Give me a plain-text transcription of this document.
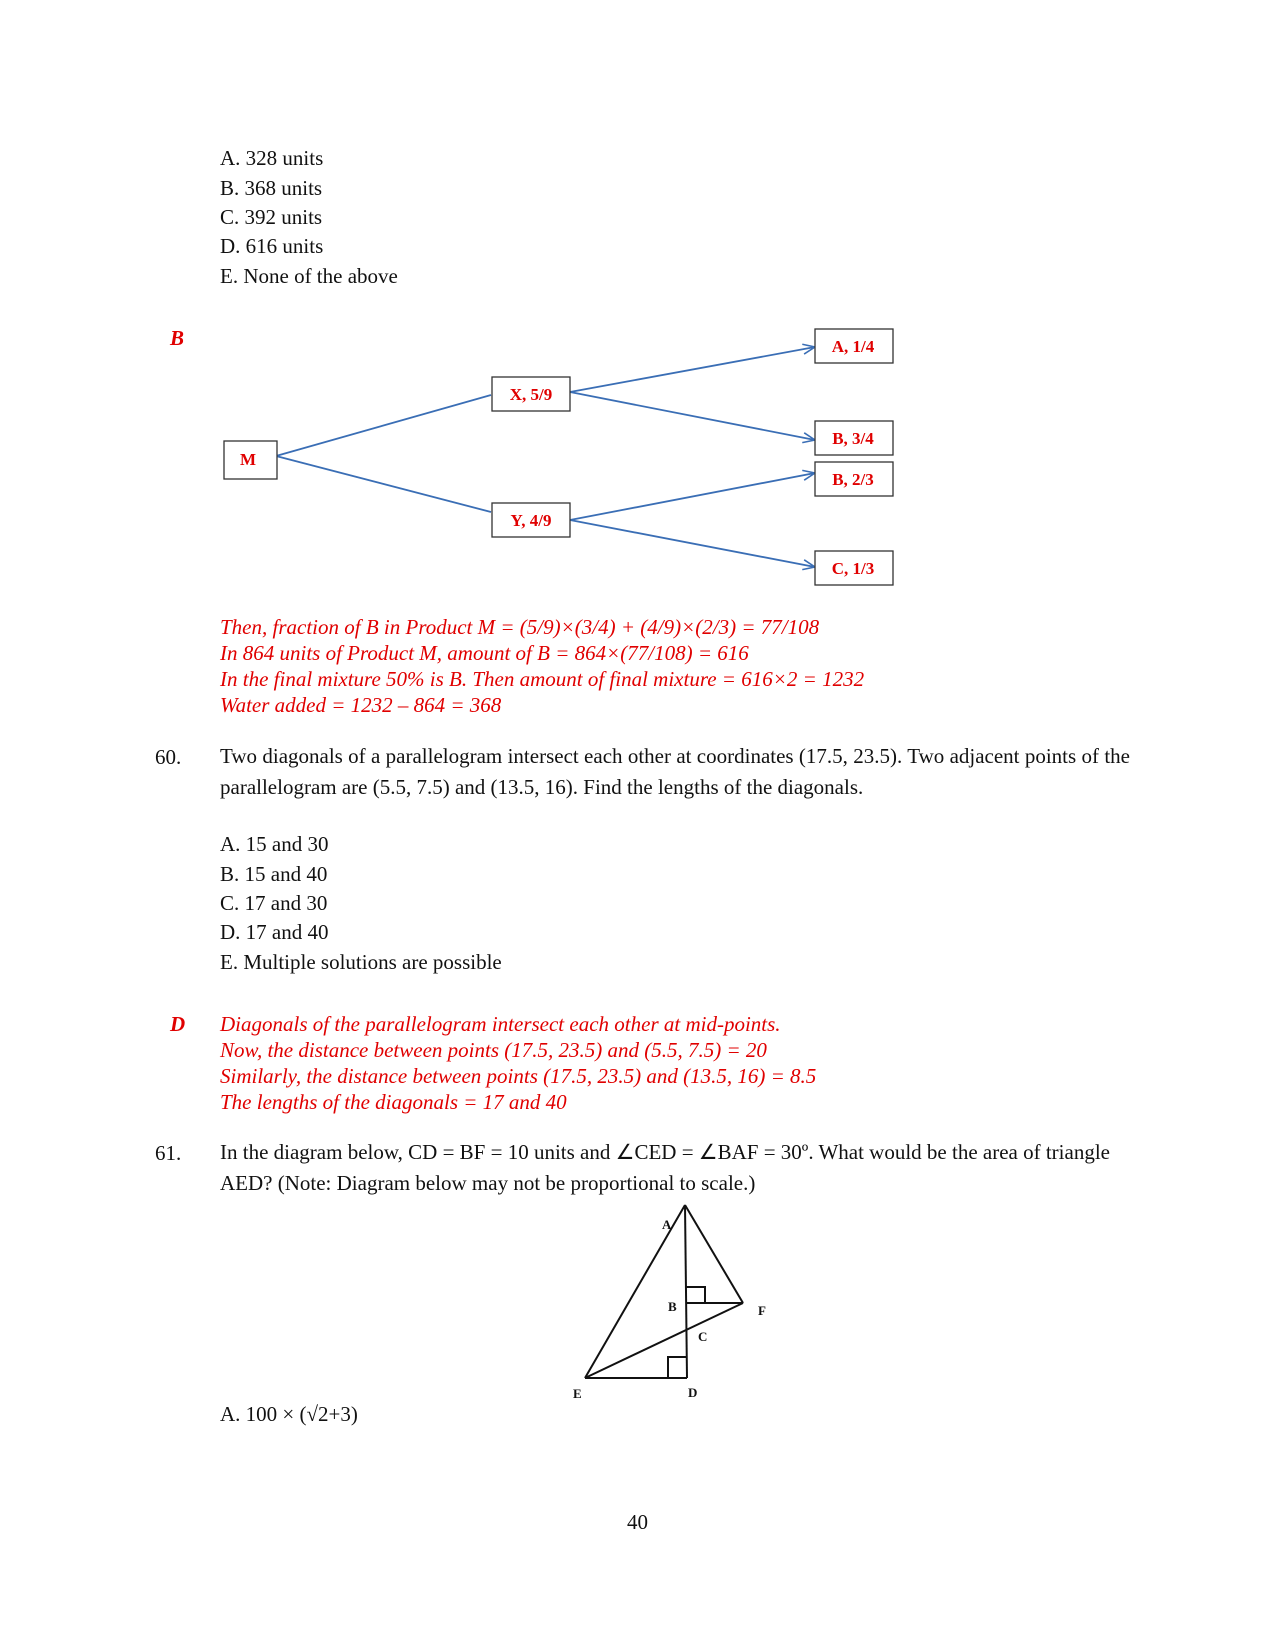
A. 328 units
B. 368 units
C. 392 units
D. 616 units
E. None of the above
B
M
X, 5/9
Y, 4/9
A, 1/4
B, 3/4
B, 2/3
C, 1/3
Then, fraction of B in Product M = (5/9)×(3/4) + (4/9)×(2/3) = 77/108
In 864 units of Product M, amount of B = 864×(77/108) = 616
In the final mixture 50% is B. Then amount of final mixture = 616×2 = 1232
Water added = 1232 – 864 = 368
60. Two diagonals of a parallelogram intersect each other at coordinates (17.5, 23.5). Two adjacent points of the parallelogram are (5.5, 7.5) and (13.5, 16). Find the lengths of the diagonals.
A. 15 and 30
B. 15 and 40
C. 17 and 30
D. 17 and 40
E. Multiple solutions are possible
D Diagonals of the parallelogram intersect each other at mid-points.
Now, the distance between points (17.5, 23.5) and (5.5, 7.5) = 20
Similarly, the distance between points (17.5, 23.5) and (13.5, 16) = 8.5
The lengths of the diagonals = 17 and 40
61. In the diagram below, CD = BF = 10 units and ∠CED = ∠BAF = 30º. What would be the area of triangle AED? (Note: Diagram below may not be proportional to scale.)
A
B
C
D
E
F
A. 100 × (√2+3)
40
